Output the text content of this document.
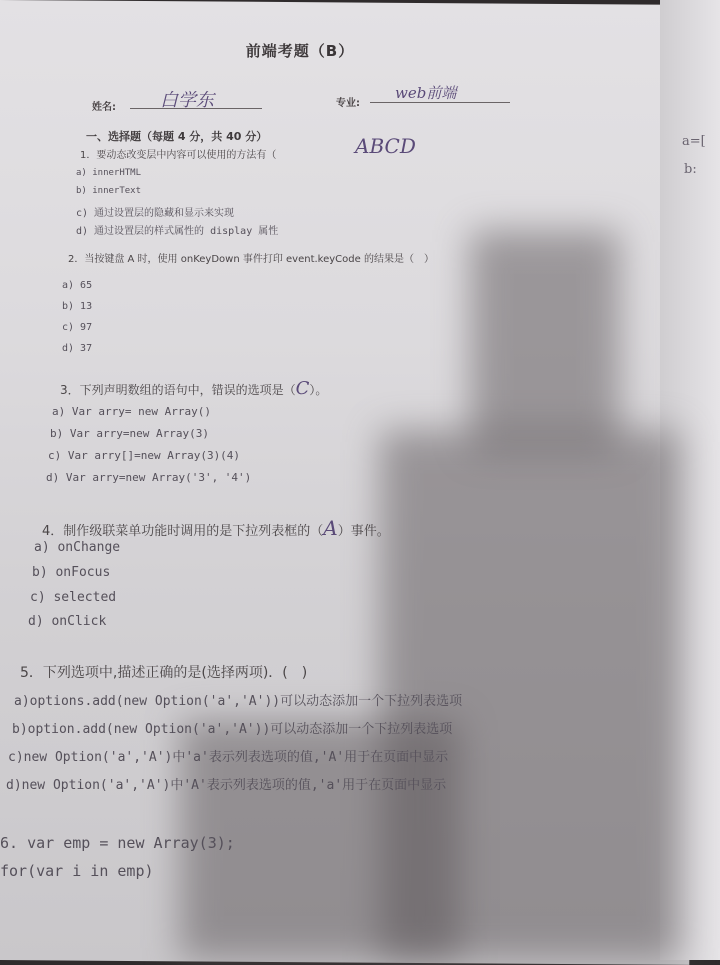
前端考题（B）
姓名: 白学东	专业:
web前端
一、选择题（每题 4 分，共 40 分）
1．要动态改变层中内容可以使用的方法有（	ABCD
a) innerHTML
b) innerText
c) 通过设置层的隐藏和显示来实现
d) 通过设置层的样式属性的 display 属性
2．当按键盘 A 时，使用 onKeyDown 事件打印 event.keyCode 的结果是（　）
a) 65
b) 13
c) 97
d) 37
3．下列声明数组的语句中，错误的选项是（C）。
a) Var arry= new Array()
b) Var arry=new Array(3)
c) Var arry[]=new Array(3)(4)
d) Var arry=new Array('3', '4')
4．制作级联菜单功能时调用的是下拉列表框的（A）事件。
a) onChange
b) onFocus
c) selected
d) onClick
5．下列选项中,描述正确的是(选择两项)．(　)
a)options.add(new Option('a','A'))可以动态添加一个下拉列表选项
b)option.add(new Option('a','A'))可以动态添加一个下拉列表选项
c)new Option('a','A')中'a'表示列表选项的值,'A'用于在页面中显示
d)new Option('a','A')中'A'表示列表选项的值,'a'用于在页面中显示
6. var emp = new Array(3);
for(var i in emp)
a=[
b:
